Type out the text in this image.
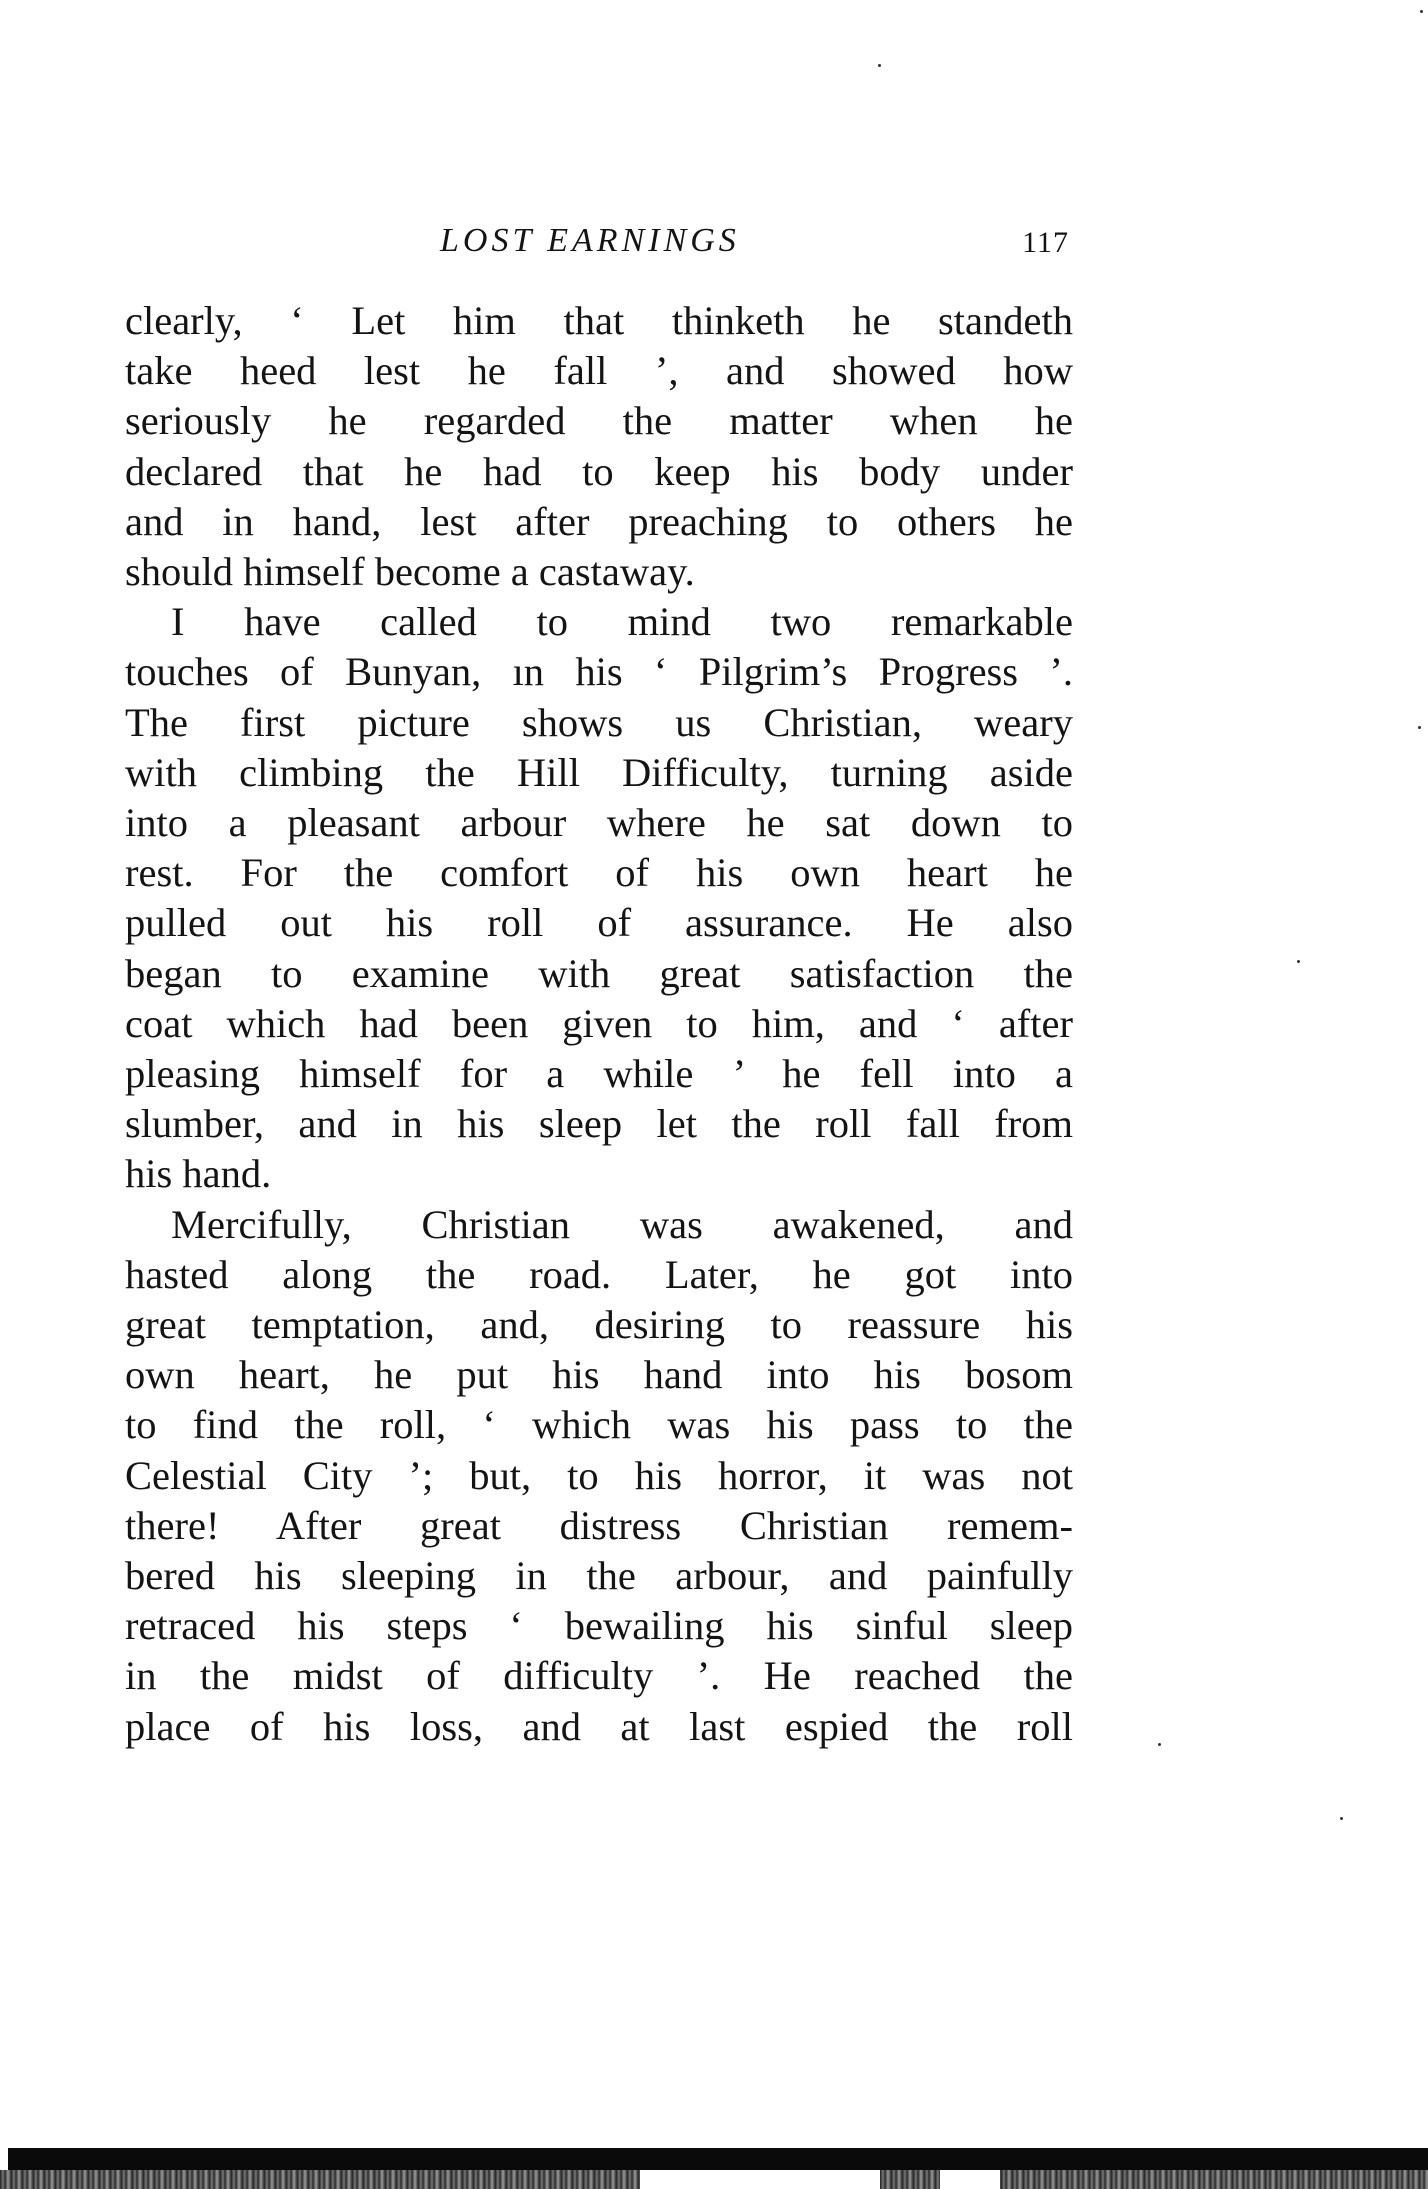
LOST EARNINGS	117

clearly, ‘ Let him that thinketh he standeth
take heed lest he fall ’, and showed how
seriously he regarded the matter when he
declared that he had to keep his body under
and in hand, lest after preaching to others he
should himself become a castaway.

I have called to mind two remarkable
touches of Bunyan, ın his ‘ Pilgrim’s Progress ’.
The first picture shows us Christian, weary
with climbing the Hill Difficulty, turning aside
into a pleasant arbour where he sat down to
rest. For the comfort of his own heart he
pulled out his roll of assurance. He also
began to examine with great satisfaction the
coat which had been given to him, and ‘ after
pleasing himself for a while ’ he fell into a
slumber, and in his sleep let the roll fall from
his hand.

Mercifully, Christian was awakened, and
hasted along the road. Later, he got into
great temptation, and, desiring to reassure his
own heart, he put his hand into his bosom
to find the roll, ‘ which was his pass to the
Celestial City ’; but, to his horror, it was not
there! After great distress Christian remem-
bered his sleeping in the arbour, and painfully
retraced his steps ‘ bewailing his sinful sleep
in the midst of difficulty ’. He reached the
place of his loss, and at last espied the roll
